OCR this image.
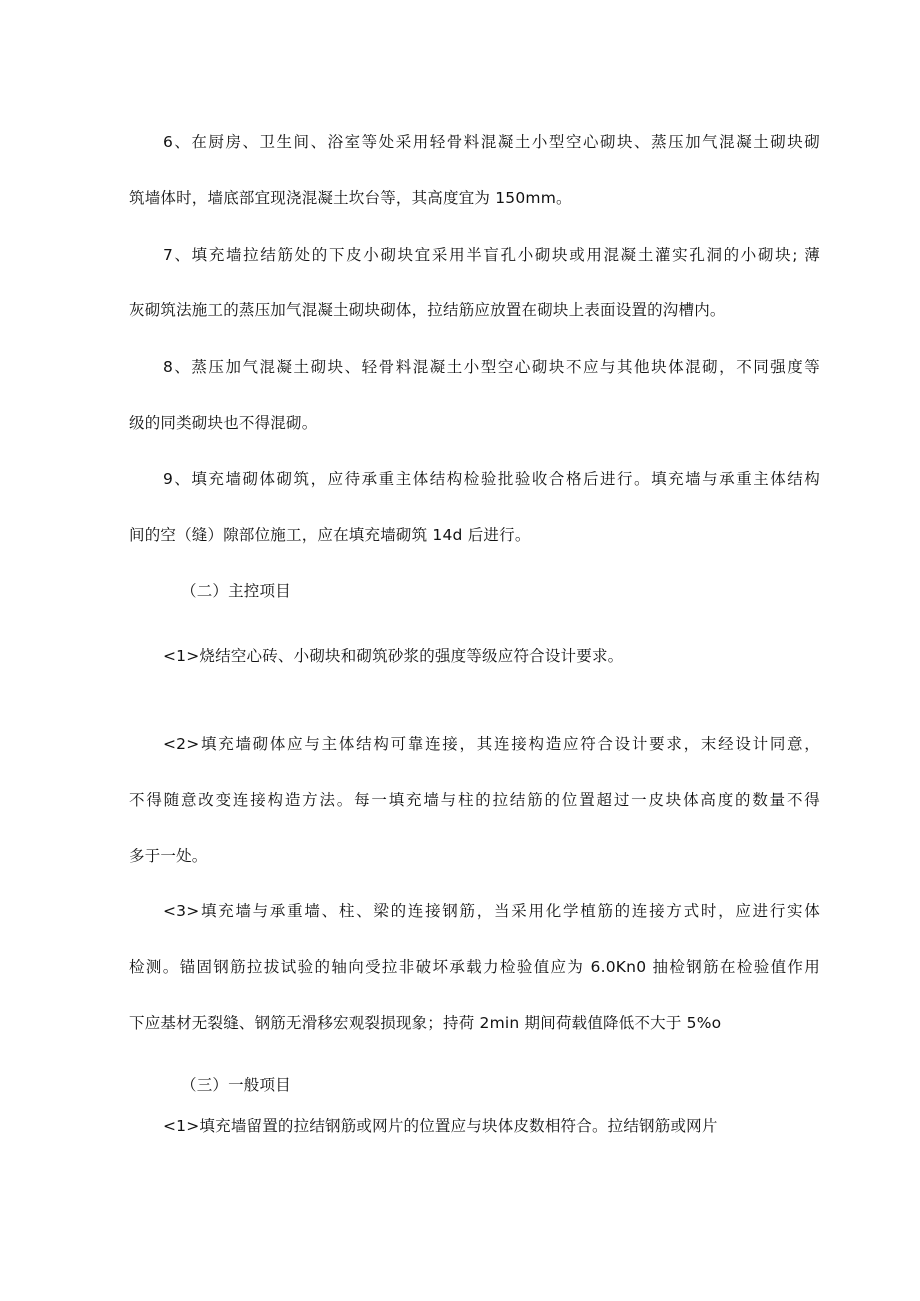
6、在厨房、卫生间、浴室等处采用轻骨料混凝土小型空心砌块、蒸压加气混凝土砌块砌
筑墙体时，墙底部宜现浇混凝土坎台等，其高度宜为 150mm。
7、填充墙拉结筋处的下皮小砌块宜采用半盲孔小砌块或用混凝土灌实孔洞的小砌块; 薄
灰砌筑法施工的蒸压加气混凝土砌块砌体，拉结筋应放置在砌块上表面设置的沟槽内。
8、蒸压加气混凝土砌块、轻骨料混凝土小型空心砌块不应与其他块体混砌，不同强度等
级的同类砌块也不得混砌。
9、填充墙砌体砌筑，应待承重主体结构检验批验收合格后进行。填充墙与承重主体结构
间的空（缝）隙部位施工，应在填充墙砌筑 14d 后进行。
（二）主控项目
<1>烧结空心砖、小砌块和砌筑砂浆的强度等级应符合设计要求。
<2>填充墙砌体应与主体结构可靠连接，其连接构造应符合设计要求，末经设计同意，
不得随意改变连接构造方法。每一填充墙与柱的拉结筋的位置超过一皮块体高度的数量不得
多于一处。
<3>填充墙与承重墙、柱、梁的连接钢筋，当采用化学植筋的连接方式时，应进行实体
检测。锚固钢筋拉拔试验的轴向受拉非破坏承载力检验值应为 6.0Kn0 抽检钢筋在检验值作用
下应基材无裂缝、钢筋无滑移宏观裂损现象；持荷 2min 期间荷载值降低不大于 5%o
（三）一般项目
<1>填充墙留置的拉结钢筋或网片的位置应与块体皮数相符合。拉结钢筋或网片
